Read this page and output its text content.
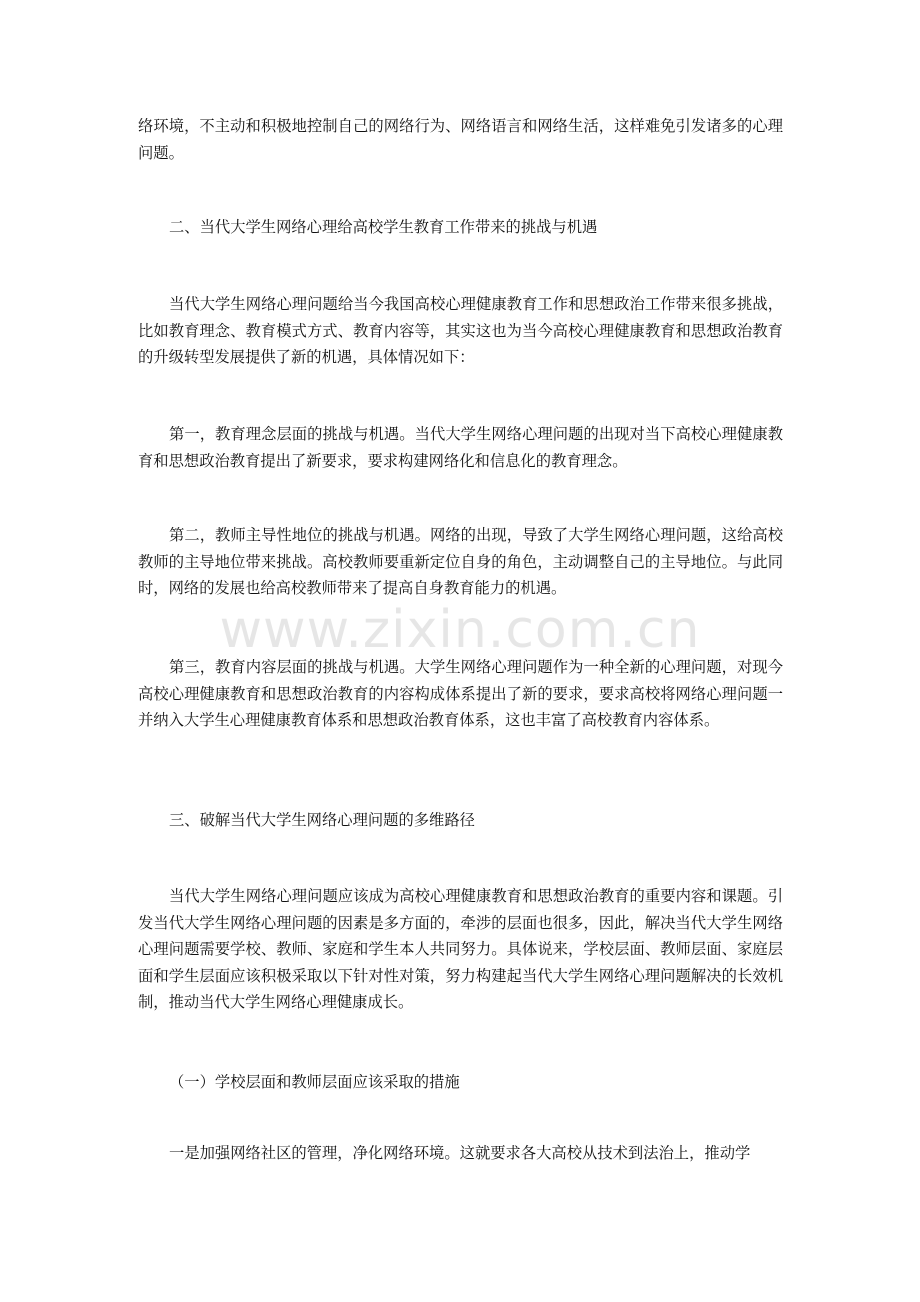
络环境，不主动和积极地控制自己的网络行为、网络语言和网络生活，这样难免引发诸多的心理问题。

二、当代大学生网络心理给高校学生教育工作带来的挑战与机遇

当代大学生网络心理问题给当今我国高校心理健康教育工作和思想政治工作带来很多挑战，比如教育理念、教育模式方式、教育内容等，其实这也为当今高校心理健康教育和思想政治教育的升级转型发展提供了新的机遇，具体情况如下：

第一，教育理念层面的挑战与机遇。当代大学生网络心理问题的出现对当下高校心理健康教育和思想政治教育提出了新要求，要求构建网络化和信息化的教育理念。

第二，教师主导性地位的挑战与机遇。网络的出现，导致了大学生网络心理问题，这给高校教师的主导地位带来挑战。高校教师要重新定位自身的角色，主动调整自己的主导地位。与此同时，网络的发展也给高校教师带来了提高自身教育能力的机遇。

第三，教育内容层面的挑战与机遇。大学生网络心理问题作为一种全新的心理问题，对现今高校心理健康教育和思想政治教育的内容构成体系提出了新的要求，要求高校将网络心理问题一并纳入大学生心理健康教育体系和思想政治教育体系，这也丰富了高校教育内容体系。

三、破解当代大学生网络心理问题的多维路径

当代大学生网络心理问题应该成为高校心理健康教育和思想政治教育的重要内容和课题。引发当代大学生网络心理问题的因素是多方面的，牵涉的层面也很多，因此，解决当代大学生网络心理问题需要学校、教师、家庭和学生本人共同努力。具体说来，学校层面、教师层面、家庭层面和学生层面应该积极采取以下针对性对策，努力构建起当代大学生网络心理问题解决的长效机制，推动当代大学生网络心理健康成长。

（一）学校层面和教师层面应该采取的措施

一是加强网络社区的管理，净化网络环境。这就要求各大高校从技术到法治上，推动学

www.zixin.com.cn
